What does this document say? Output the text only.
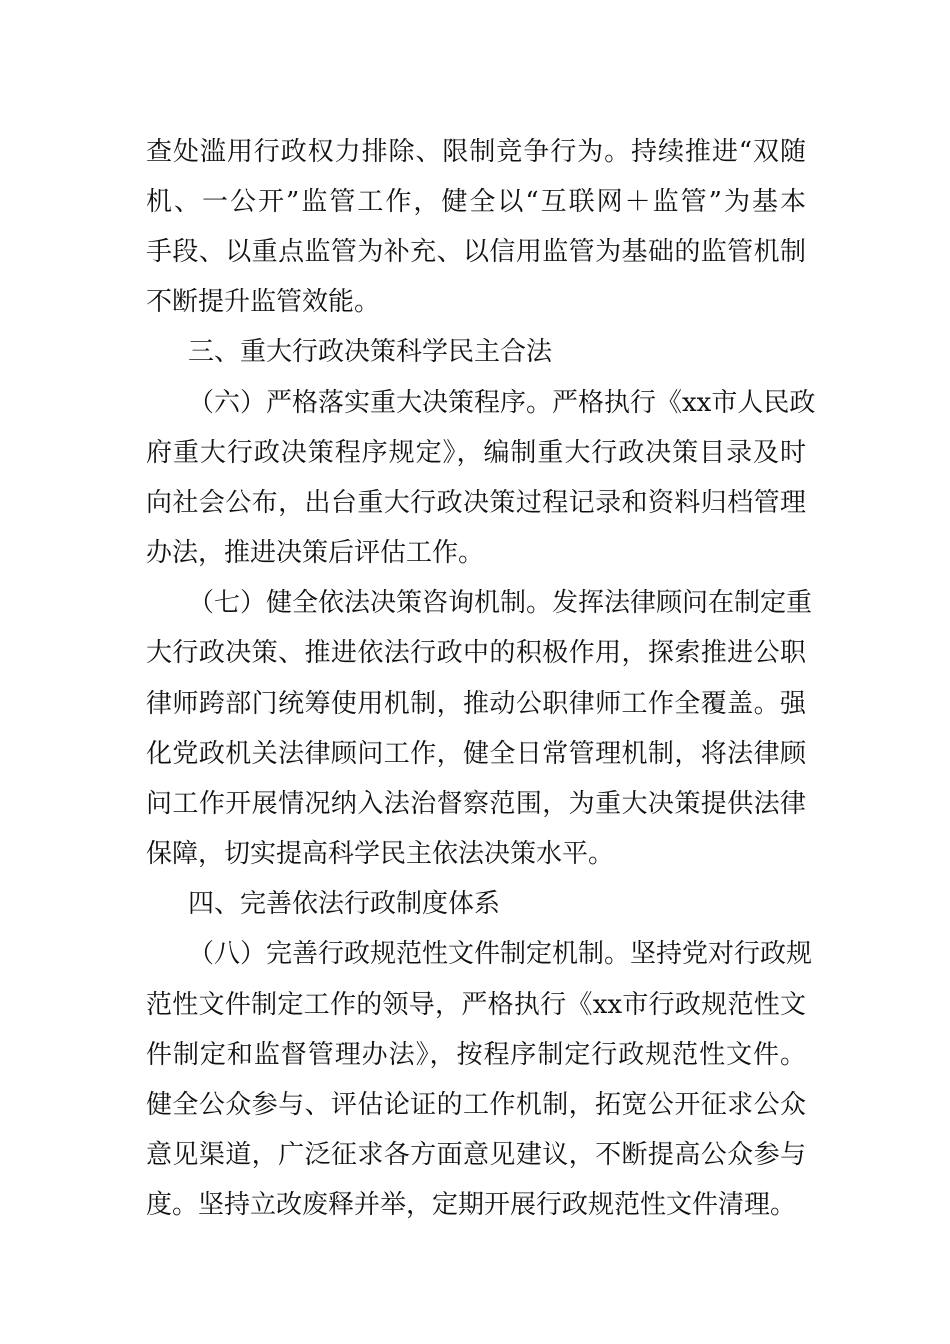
查处滥用行政权力排除、限制竞争行为。持续推进“双随
机、一公开”监管工作，健全以“互联网＋监管”为基本
手段、以重点监管为补充、以信用监管为基础的监管机制
不断提升监管效能。
三、重大行政决策科学民主合法
（六）严格落实重大决策程序。严格执行《xx市人民政
府重大行政决策程序规定》，编制重大行政决策目录及时
向社会公布，出台重大行政决策过程记录和资料归档管理
办法，推进决策后评估工作。
（七）健全依法决策咨询机制。发挥法律顾问在制定重
大行政决策、推进依法行政中的积极作用，探索推进公职
律师跨部门统筹使用机制，推动公职律师工作全覆盖。强
化党政机关法律顾问工作，健全日常管理机制，将法律顾
问工作开展情况纳入法治督察范围，为重大决策提供法律
保障，切实提高科学民主依法决策水平。
四、完善依法行政制度体系
（八）完善行政规范性文件制定机制。坚持党对行政规
范性文件制定工作的领导，严格执行《xx市行政规范性文
件制定和监督管理办法》，按程序制定行政规范性文件。
健全公众参与、评估论证的工作机制，拓宽公开征求公众
意见渠道，广泛征求各方面意见建议，不断提高公众参与
度。坚持立改废释并举，定期开展行政规范性文件清理。
